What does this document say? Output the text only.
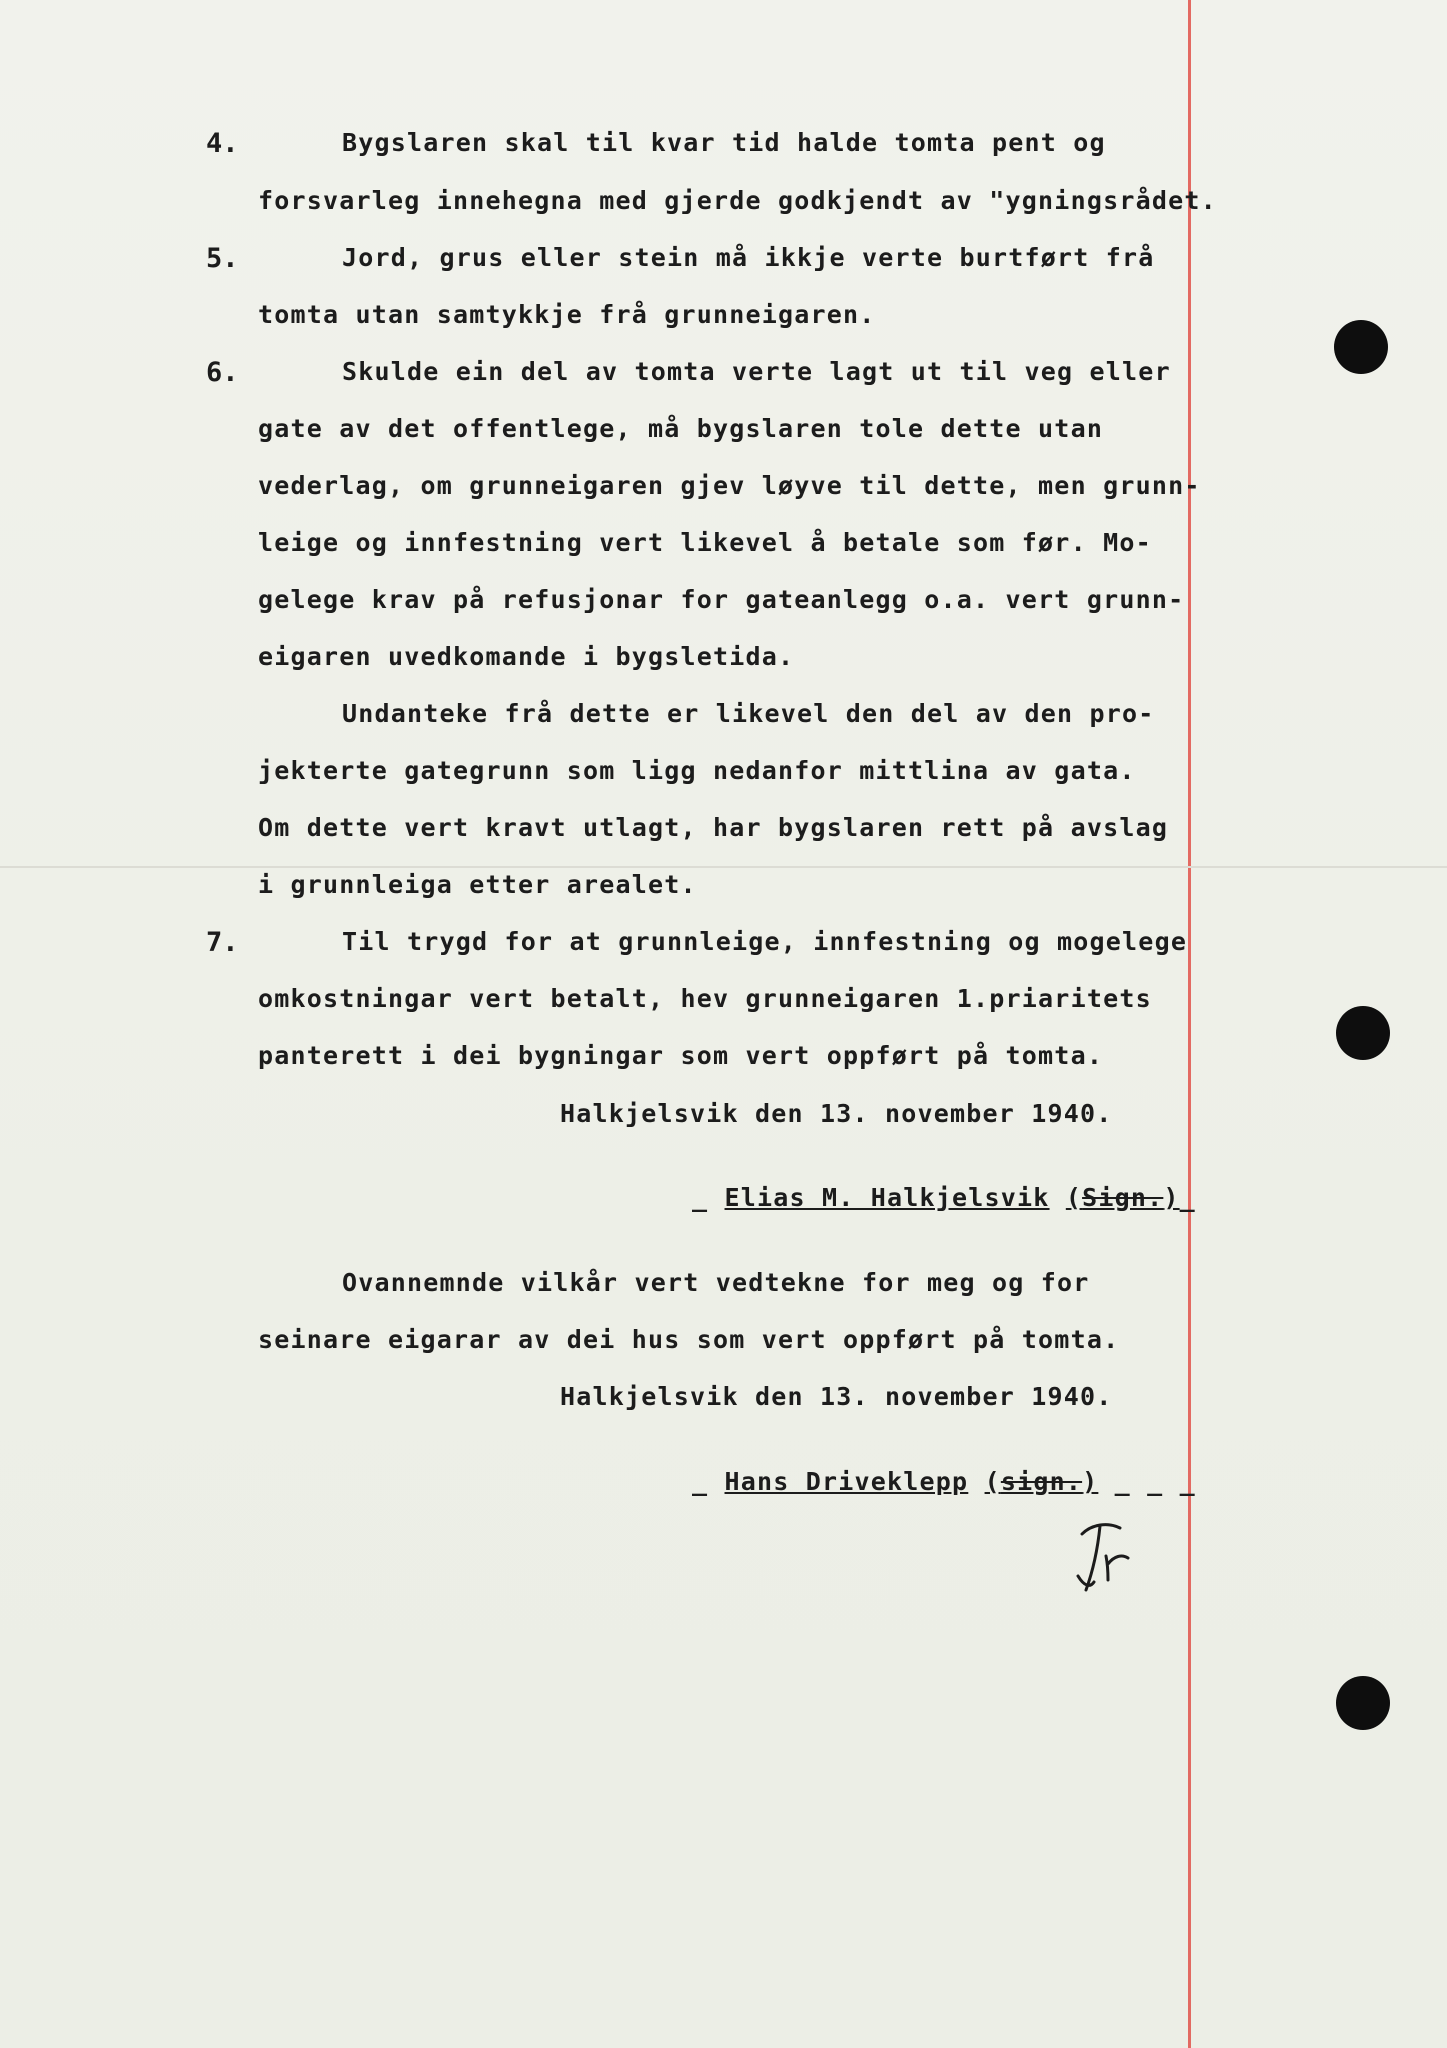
4.	Bygslaren skal til kvar tid halde tomta pent og
forsvarleg innehegna med gjerde godkjendt av "ygningsrådet.
5.	Jord, grus eller stein må ikkje verte burtført frå
tomta utan samtykkje frå grunneigaren.
6.	Skulde ein del av tomta verte lagt ut til veg eller
gate av det offentlege, må bygslaren tole dette utan
vederlag, om grunneigaren gjev løyve til dette, men grunn-
leige og innfestning vert likevel å betale som før. Mo-
gelege krav på refusjonar for gateanlegg o.a. vert grunn-
eigaren uvedkomande i bygsletida.
Undanteke frå dette er likevel den del av den pro-
jekterte gategrunn som ligg nedanfor mittlina av gata.
Om dette vert kravt utlagt, har bygslaren rett på avslag
i grunnleiga etter arealet.
7.	Til trygd for at grunnleige, innfestning og mogelege
omkostningar vert betalt, hev grunneigaren 1.priaritets
panterett i dei bygningar som vert oppført på tomta.
Halkjelsvik den 13. november 1940.
_ Elias M. Halkjelsvik (Sign.)_
Ovannemnde vilkår vert vedtekne for meg og for
seinare eigarar av dei hus som vert oppført på tomta.
Halkjelsvik den 13. november 1940.
_ Hans Driveklepp (sign.) _ _ _
